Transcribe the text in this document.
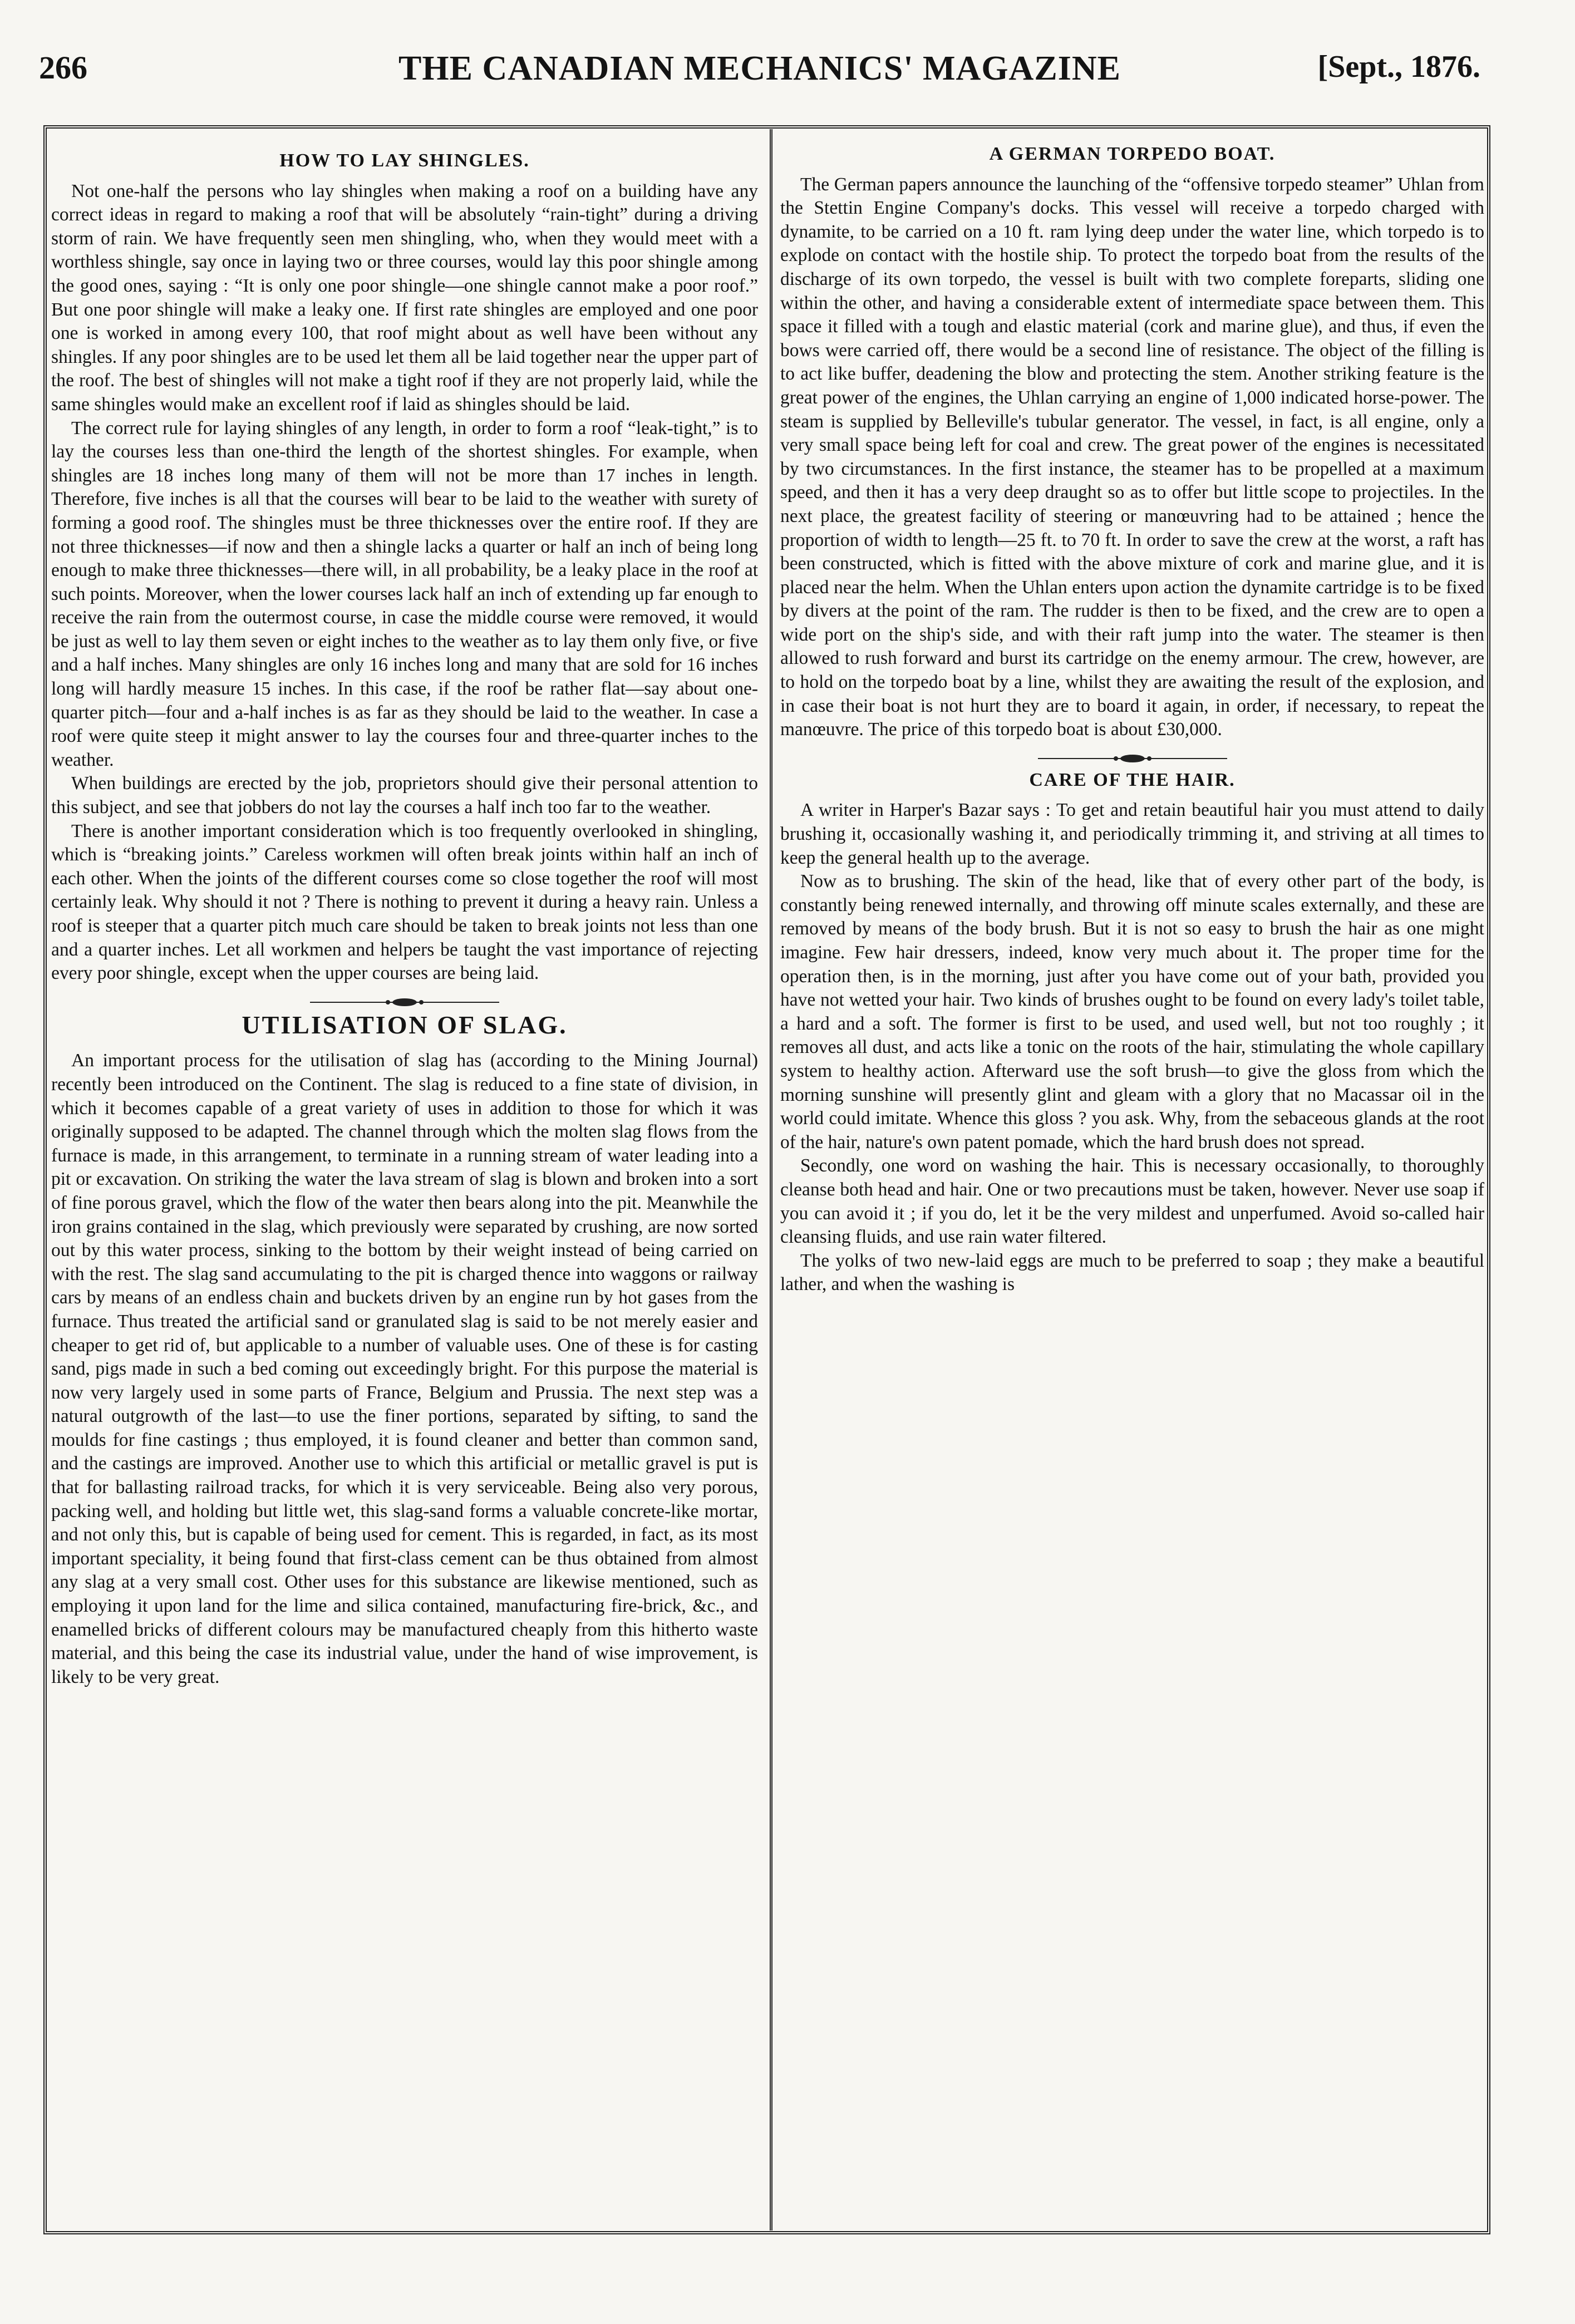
266	THE CANADIAN MECHANICS' MAGAZINE	[Sept., 1876.
HOW TO LAY SHINGLES.

Not one-half the persons who lay shingles when making a roof on a building have any correct ideas in regard to making a roof that will be absolutely “rain-tight” during a driving storm of rain. We have frequently seen men shingling, who, when they would meet with a worthless shingle, say once in laying two or three courses, would lay this poor shingle among the good ones, saying : “It is only one poor shingle—one shingle cannot make a poor roof.” But one poor shingle will make a leaky one. If first rate shingles are employed and one poor one is worked in among every 100, that roof might about as well have been without any shingles. If any poor shingles are to be used let them all be laid together near the upper part of the roof. The best of shingles will not make a tight roof if they are not properly laid, while the same shingles would make an excellent roof if laid as shingles should be laid.

The correct rule for laying shingles of any length, in order to form a roof “leak-tight,” is to lay the courses less than one-third the length of the shortest shingles. For example, when shingles are 18 inches long many of them will not be more than 17 inches in length. Therefore, five inches is all that the courses will bear to be laid to the weather with surety of forming a good roof. The shingles must be three thicknesses over the entire roof. If they are not three thicknesses—if now and then a shingle lacks a quarter or half an inch of being long enough to make three thicknesses—there will, in all probability, be a leaky place in the roof at such points. Moreover, when the lower courses lack half an inch of extending up far enough to receive the rain from the outermost course, in case the middle course were removed, it would be just as well to lay them seven or eight inches to the weather as to lay them only five, or five and a half inches. Many shingles are only 16 inches long and many that are sold for 16 inches long will hardly measure 15 inches. In this case, if the roof be rather flat—say about one-quarter pitch—four and a-half inches is as far as they should be laid to the weather. In case a roof were quite steep it might answer to lay the courses four and three-quarter inches to the weather.

When buildings are erected by the job, proprietors should give their personal attention to this subject, and see that jobbers do not lay the courses a half inch too far to the weather.

There is another important consideration which is too frequently overlooked in shingling, which is “breaking joints.” Careless workmen will often break joints within half an inch of each other. When the joints of the different courses come so close together the roof will most certainly leak. Why should it not ? There is nothing to prevent it during a heavy rain. Unless a roof is steeper that a quarter pitch much care should be taken to break joints not less than one and a quarter inches. Let all workmen and helpers be taught the vast importance of rejecting every poor shingle, except when the upper courses are being laid.

UTILISATION OF SLAG.

An important process for the utilisation of slag has (according to the Mining Journal) recently been introduced on the Continent. The slag is reduced to a fine state of division, in which it becomes capable of a great variety of uses in addition to those for which it was originally supposed to be adapted. The channel through which the molten slag flows from the furnace is made, in this arrangement, to terminate in a running stream of water leading into a pit or excavation. On striking the water the lava stream of slag is blown and broken into a sort of fine porous gravel, which the flow of the water then bears along into the pit. Meanwhile the iron grains contained in the slag, which previously were separated by crushing, are now sorted out by this water process, sinking to the bottom by their weight instead of being carried on with the rest. The slag sand accumulating to the pit is charged thence into waggons or railway cars by means of an endless chain and buckets driven by an engine run by hot gases from the furnace. Thus treated the artificial sand or granulated slag is said to be not merely easier and cheaper to get rid of, but applicable to a number of valuable uses. One of these is for casting sand, pigs made in such a bed coming out exceedingly bright. For this purpose the material is now very largely used in some parts of France, Belgium and Prussia. The next step was a natural outgrowth of the last—to use the finer portions, separated by sifting, to sand the moulds for fine castings ; thus employed, it is found cleaner and better than common sand, and the castings are improved. Another use to which this artificial or metallic gravel is put is that for ballasting railroad tracks, for which it is very serviceable. Being also very porous, packing well, and holding but little wet, this slag-sand forms a valuable concrete-like mortar, and not only this, but is capable of being used for cement. This is regarded, in fact, as its most important speciality, it being found that first-class cement can be thus obtained from almost any slag at a very small cost. Other uses for this substance are likewise mentioned, such as employing it upon land for the lime and silica contained, manufacturing fire-brick, &c., and enamelled bricks of different colours may be manufactured cheaply from this hitherto waste material, and this being the case its industrial value, under the hand of wise improvement, is likely to be very great.

A GERMAN TORPEDO BOAT.

The German papers announce the launching of the “offensive torpedo steamer” Uhlan from the Stettin Engine Company's docks. This vessel will receive a torpedo charged with dynamite, to be carried on a 10 ft. ram lying deep under the water line, which torpedo is to explode on contact with the hostile ship. To protect the torpedo boat from the results of the discharge of its own torpedo, the vessel is built with two complete foreparts, sliding one within the other, and having a considerable extent of intermediate space between them. This space it filled with a tough and elastic material (cork and marine glue), and thus, if even the bows were carried off, there would be a second line of resistance. The object of the filling is to act like buffer, deadening the blow and protecting the stem. Another striking feature is the great power of the engines, the Uhlan carrying an engine of 1,000 indicated horse-power. The steam is supplied by Belleville's tubular generator. The vessel, in fact, is all engine, only a very small space being left for coal and crew. The great power of the engines is necessitated by two circumstances. In the first instance, the steamer has to be propelled at a maximum speed, and then it has a very deep draught so as to offer but little scope to projectiles. In the next place, the greatest facility of steering or manœuvring had to be attained ; hence the proportion of width to length—25 ft. to 70 ft. In order to save the crew at the worst, a raft has been constructed, which is fitted with the above mixture of cork and marine glue, and it is placed near the helm. When the Uhlan enters upon action the dynamite cartridge is to be fixed by divers at the point of the ram. The rudder is then to be fixed, and the crew are to open a wide port on the ship's side, and with their raft jump into the water. The steamer is then allowed to rush forward and burst its cartridge on the enemy armour. The crew, however, are to hold on the torpedo boat by a line, whilst they are awaiting the result of the explosion, and in case their boat is not hurt they are to board it again, in order, if necessary, to repeat the manœuvre. The price of this torpedo boat is about £30,000.

CARE OF THE HAIR.

A writer in Harper's Bazar says : To get and retain beautiful hair you must attend to daily brushing it, occasionally washing it, and periodically trimming it, and striving at all times to keep the general health up to the average.

Now as to brushing. The skin of the head, like that of every other part of the body, is constantly being renewed internally, and throwing off minute scales externally, and these are removed by means of the body brush. But it is not so easy to brush the hair as one might imagine. Few hair dressers, indeed, know very much about it. The proper time for the operation then, is in the morning, just after you have come out of your bath, provided you have not wetted your hair. Two kinds of brushes ought to be found on every lady's toilet table, a hard and a soft. The former is first to be used, and used well, but not too roughly ; it removes all dust, and acts like a tonic on the roots of the hair, stimulating the whole capillary system to healthy action. Afterward use the soft brush—to give the gloss from which the morning sunshine will presently glint and gleam with a glory that no Macassar oil in the world could imitate. Whence this gloss ? you ask. Why, from the sebaceous glands at the root of the hair, nature's own patent pomade, which the hard brush does not spread.

Secondly, one word on washing the hair. This is necessary occasionally, to thoroughly cleanse both head and hair. One or two precautions must be taken, however. Never use soap if you can avoid it ; if you do, let it be the very mildest and unperfumed. Avoid so-called hair cleansing fluids, and use rain water filtered.

The yolks of two new-laid eggs are much to be preferred to soap ; they make a beautiful lather, and when the washing is
